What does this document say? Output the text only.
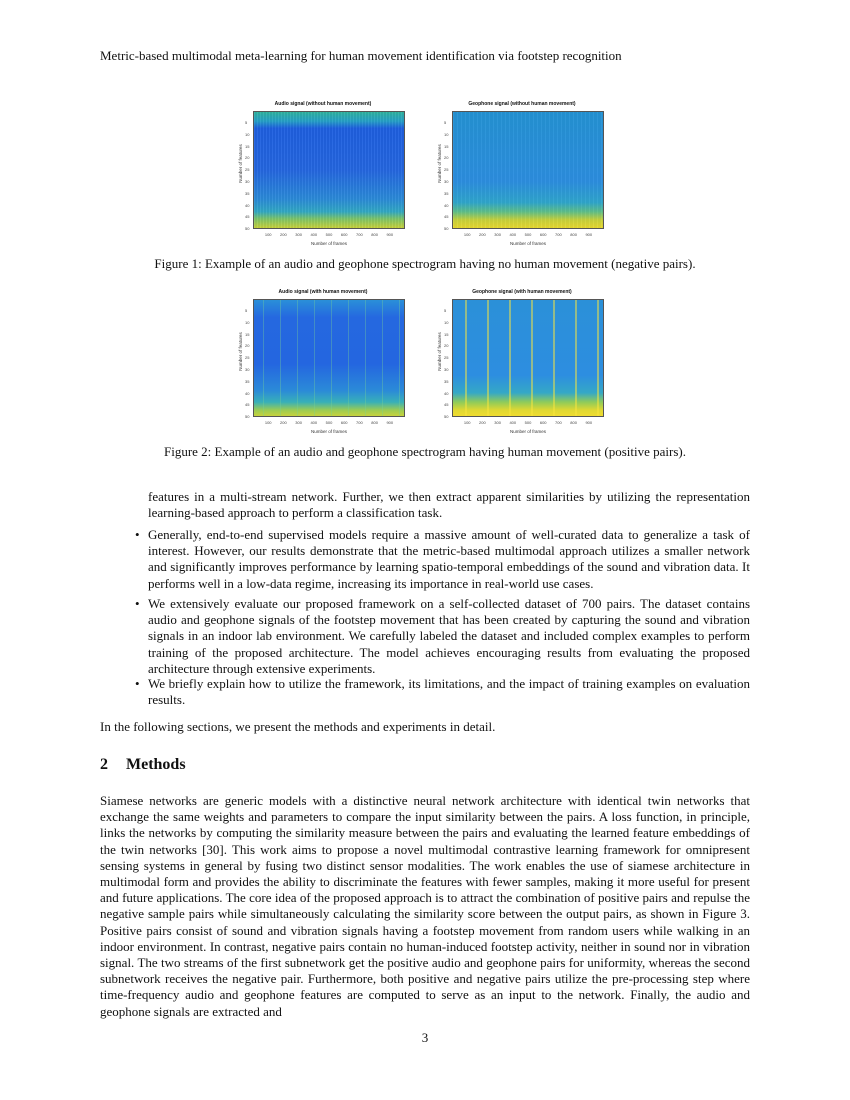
Metric-based multimodal meta-learning for human movement identification via footstep recognition
Audio signal (without human movement)
Number of features
Number of frames
5
10
15
20
25
30
35
40
45
50
100 200 300 400 500 600 700 800 900
Geophone signal (without human movement)
Number of features
Number of frames
5
10
15
20
25
30
35
40
45
50
100 200 300 400 500 600 700 800 900
Figure 1: Example of an audio and geophone spectrogram having no human movement (negative pairs).
Audio signal (with human movement)
Number of features
Number of frames
5
10
15
20
25
30
35
40
45
50
100 200 300 400 500 600 700 800 900
Geophone signal (with human movement)
Number of features
Number of frames
5
10
15
20
25
30
35
40
45
50
100 200 300 400 500 600 700 800 900
Figure 2: Example of an audio and geophone spectrogram having human movement (positive pairs).
features in a multi-stream network. Further, we then extract apparent similarities by utilizing the representation learning-based approach to perform a classification task.
• Generally, end-to-end supervised models require a massive amount of well-curated data to generalize a task of interest. However, our results demonstrate that the metric-based multimodal approach utilizes a smaller network and significantly improves performance by learning spatio-temporal embeddings of the sound and vibration data. It performs well in a low-data regime, increasing its importance in real-world use cases.
• We extensively evaluate our proposed framework on a self-collected dataset of 700 pairs. The dataset contains audio and geophone signals of the footstep movement that has been created by capturing the sound and vibration signals in an indoor lab environment. We carefully labeled the dataset and included complex examples to perform training of the proposed architecture. The model achieves encouraging results from evaluating the proposed architecture through extensive experiments.
• We briefly explain how to utilize the framework, its limitations, and the impact of training examples on evaluation results.
In the following sections, we present the methods and experiments in detail.
2 Methods
Siamese networks are generic models with a distinctive neural network architecture with identical twin networks that exchange the same weights and parameters to compare the input similarity between the pairs. A loss function, in principle, links the networks by computing the similarity measure between the pairs and evaluating the learned feature embeddings of the twin networks [30]. This work aims to propose a novel multimodal contrastive learning framework for omnipresent sensing systems in general by fusing two distinct sensor modalities. The work enables the use of siamese architecture in multimodal form and provides the ability to discriminate the features with fewer samples, making it more useful for present and future applications. The core idea of the proposed approach is to attract the combination of positive pairs and repulse the negative sample pairs while simultaneously calculating the similarity score between the output pairs, as shown in Figure 3. Positive pairs consist of sound and vibration signals having a footstep movement from random users while walking in an indoor environment. In contrast, negative pairs contain no human-induced footstep activity, neither in sound nor in vibration signal. The two streams of the first subnetwork get the positive audio and geophone pairs for uniformity, whereas the second subnetwork receives the negative pair. Furthermore, both positive and negative pairs utilize the pre-processing step where time-frequency audio and geophone features are computed to serve as an input to the network. Finally, the audio and geophone signals are extracted and
3
